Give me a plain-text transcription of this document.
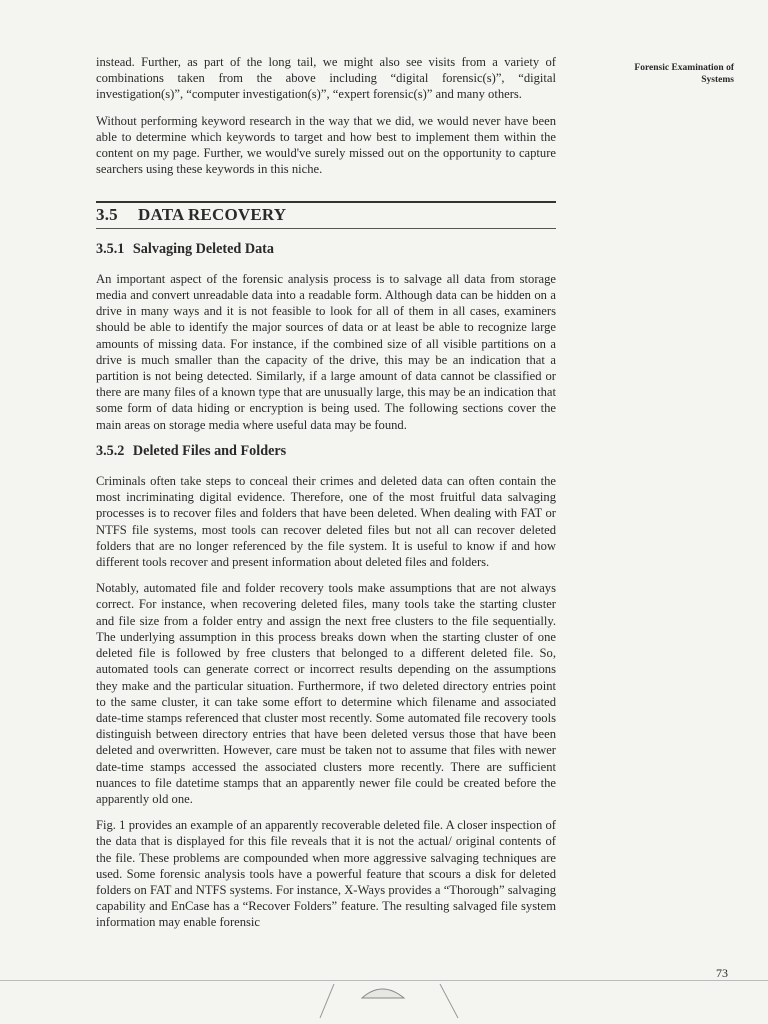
Forensic Examination of
Systems

instead. Further, as part of the long tail, we might also see visits from a variety of combinations taken from the above including “digital forensic(s)”, “digital investigation(s)”, “computer investigation(s)”, “expert forensic(s)” and many others.

Without performing keyword research in the way that we did, we would never have been able to determine which keywords to target and how best to implement them within the content on my page. Further, we would've surely missed out on the opportunity to capture searchers using these keywords in this niche.

3.5 DATA RECOVERY
3.5.1 Salvaging Deleted Data

An important aspect of the forensic analysis process is to salvage all data from storage media and convert unreadable data into a readable form. Although data can be hidden on a drive in many ways and it is not feasible to look for all of them in all cases, examiners should be able to identify the major sources of data or at least be able to recognize large amounts of missing data. For instance, if the combined size of all visible partitions on a drive is much smaller than the capacity of the drive, this may be an indication that a partition is not being detected. Similarly, if a large amount of data cannot be classified or there are many files of a known type that are unusually large, this may be an indication that some form of data hiding or encryption is being used. The following sections cover the main areas on storage media where useful data may be found.

3.5.2 Deleted Files and Folders

Criminals often take steps to conceal their crimes and deleted data can often contain the most incriminating digital evidence. Therefore, one of the most fruitful data salvaging processes is to recover files and folders that have been deleted. When dealing with FAT or NTFS file systems, most tools can recover deleted files but not all can recover deleted folders that are no longer referenced by the file system. It is useful to know if and how different tools recover and present information about deleted files and folders.

Notably, automated file and folder recovery tools make assumptions that are not always correct. For instance, when recovering deleted files, many tools take the starting cluster and file size from a folder entry and assign the next free clusters to the file sequentially. The underlying assumption in this process breaks down when the starting cluster of one deleted file is followed by free clusters that belonged to a different deleted file. So, automated tools can generate correct or incorrect results depending on the assumptions they make and the particular situation. Furthermore, if two deleted directory entries point to the same cluster, it can take some effort to determine which filename and associated date-time stamps referenced that cluster most recently. Some automated file recovery tools distinguish between directory entries that have been deleted versus those that have been deleted and overwritten. However, care must be taken not to assume that files with newer date-time stamps accessed the associated clusters more recently. There are sufficient nuances to file datetime stamps that an apparently newer file could be created before the apparently old one.

Fig. 1 provides an example of an apparently recoverable deleted file. A closer inspection of the data that is displayed for this file reveals that it is not the actual/ original contents of the file. These problems are compounded when more aggressive salvaging techniques are used. Some forensic analysis tools have a powerful feature that scours a disk for deleted folders on FAT and NTFS systems. For instance, X-Ways provides a “Thorough” salvaging capability and EnCase has a “Recover Folders” feature. The resulting salvaged file system information may enable forensic

73
